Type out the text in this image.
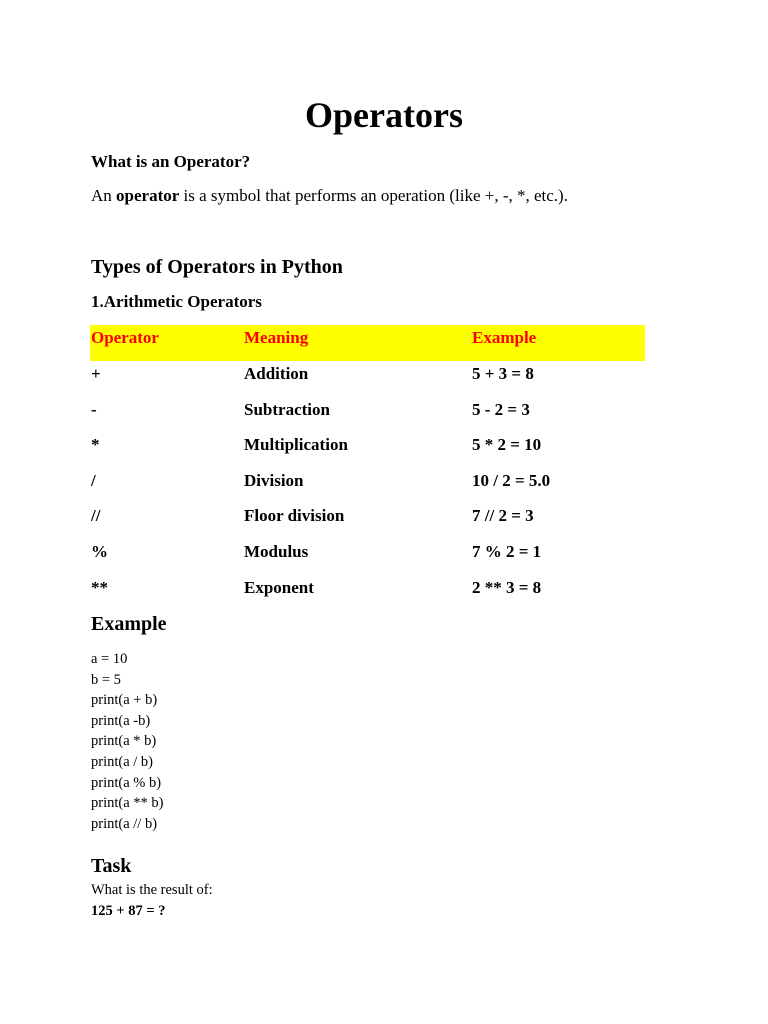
Operators
What is an Operator?
An operator is a symbol that performs an operation (like +, -, *, etc.).
Types of Operators in Python
1.Arithmetic Operators
Operator	Meaning	Example
+	Addition	5 + 3 = 8
-	Subtraction	5 - 2 = 3
*	Multiplication	5 * 2 = 10
/	Division	10 / 2 = 5.0
//	Floor division	7 // 2 = 3
%	Modulus	7 % 2 = 1
**	Exponent	2 ** 3 = 8
Example
a = 10
b = 5
print(a + b)
print(a -b)
print(a * b)
print(a / b)
print(a % b)
print(a ** b)
print(a // b)
Task
What is the result of:
125 + 87 = ?
